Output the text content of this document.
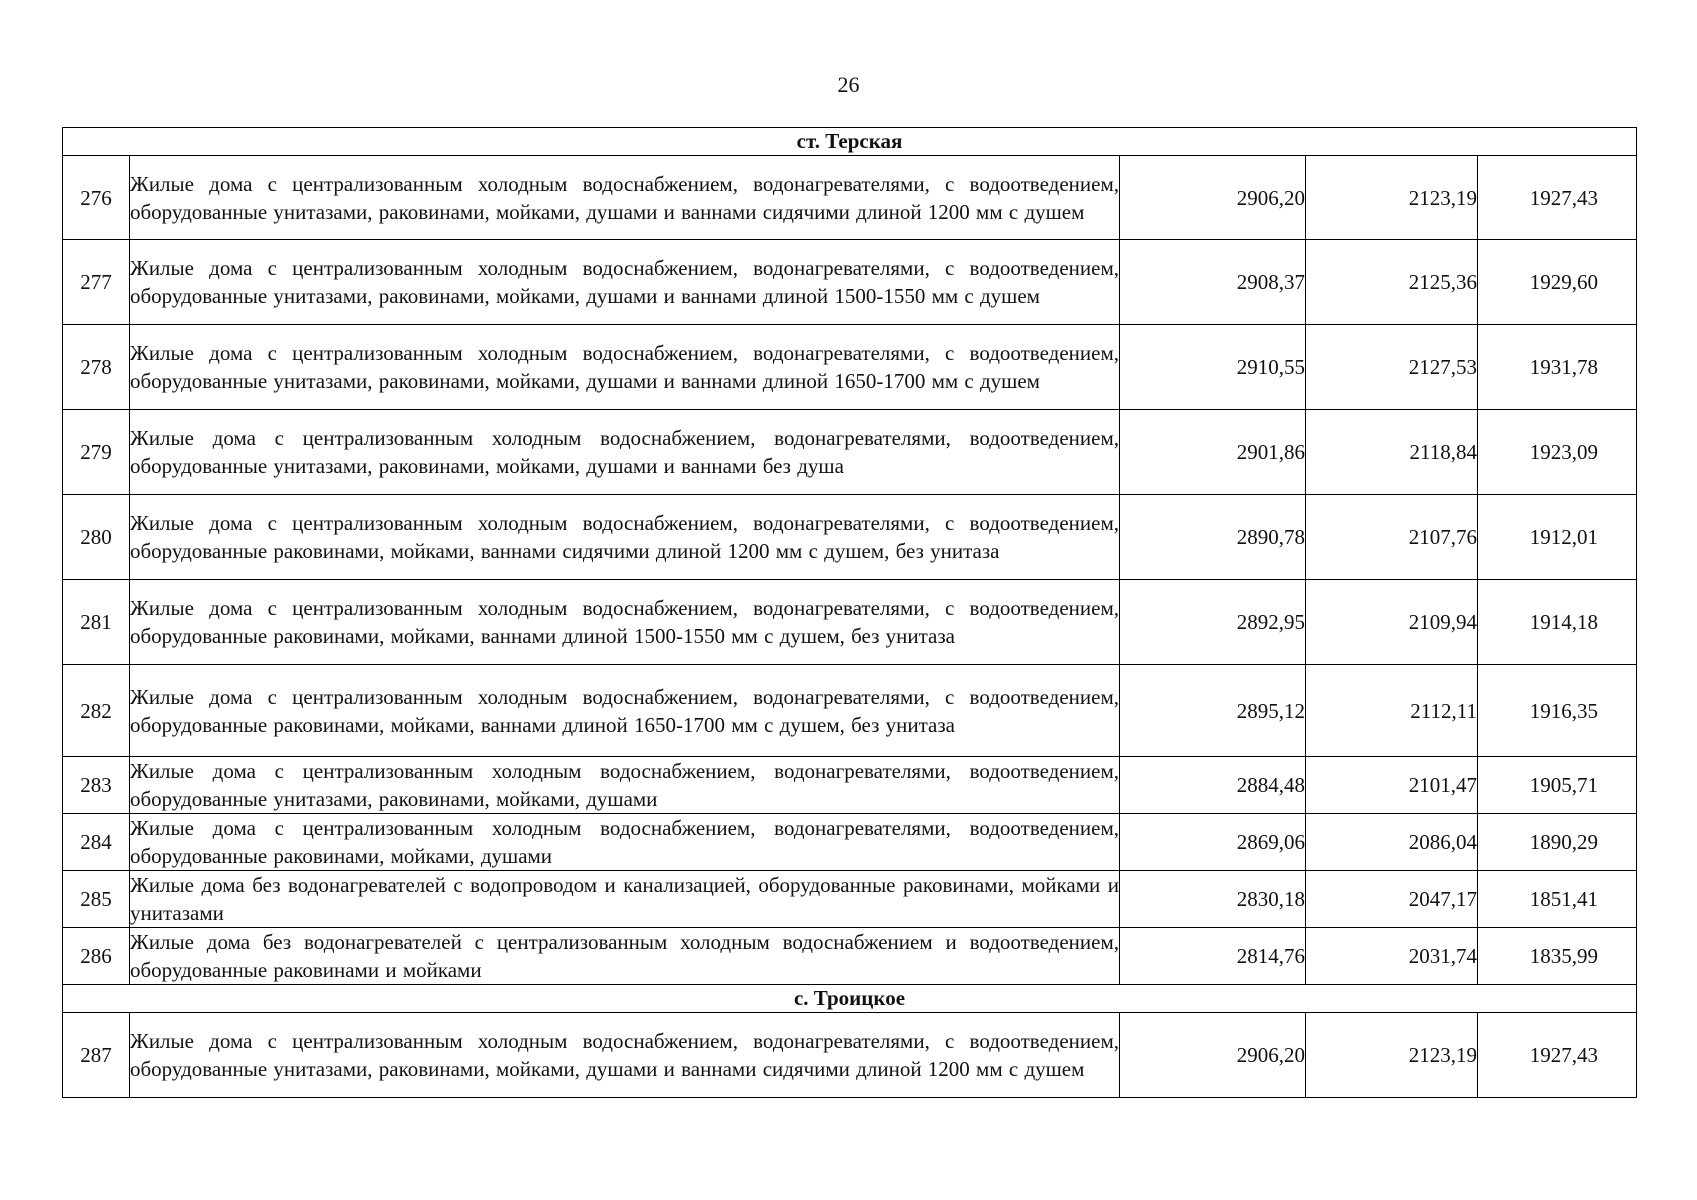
26
ст. Терская				
276	Жилые дома с централизованным холодным водоснабжением, водонагревателями, с водоотведением, оборудованные унитазами, раковинами, мойками, душами и ваннами сидячими длиной 1200 мм с душем	2906,20	2123,19	1927,43
277	Жилые дома с централизованным холодным водоснабжением, водонагревателями, с водоотведением, оборудованные унитазами, раковинами, мойками, душами и ваннами длиной 1500-1550 мм с душем	2908,37	2125,36	1929,60
278	Жилые дома с централизованным холодным водоснабжением, водонагревателями, с водоотведением, оборудованные унитазами, раковинами, мойками, душами и ваннами длиной 1650-1700 мм с душем	2910,55	2127,53	1931,78
279	Жилые дома с централизованным холодным водоснабжением, водонагревателями, водоотведением, оборудованные унитазами, раковинами, мойками, душами и ваннами без душа	2901,86	2118,84	1923,09
280	Жилые дома с централизованным холодным водоснабжением, водонагревателями, с водоотведением, оборудованные раковинами, мойками, ваннами сидячими длиной 1200 мм с душем, без унитаза	2890,78	2107,76	1912,01
281	Жилые дома с централизованным холодным водоснабжением, водонагревателями, с водоотведением, оборудованные раковинами, мойками, ваннами длиной 1500-1550 мм с душем, без унитаза	2892,95	2109,94	1914,18
282	Жилые дома с централизованным холодным водоснабжением, водонагревателями, с водоотведением, оборудованные раковинами, мойками, ваннами длиной 1650-1700 мм с душем, без унитаза	2895,12	2112,11	1916,35
283	Жилые дома с централизованным холодным водоснабжением, водонагревателями, водоотведением, оборудованные унитазами, раковинами, мойками, душами	2884,48	2101,47	1905,71
284	Жилые дома с централизованным холодным водоснабжением, водонагревателями, водоотведением, оборудованные раковинами, мойками, душами	2869,06	2086,04	1890,29
285	Жилые дома без водонагревателей с водопроводом и канализацией, оборудованные раковинами, мойками и унитазами	2830,18	2047,17	1851,41
286	Жилые дома без водонагревателей с централизованным холодным водоснабжением и водоотведением, оборудованные раковинами и мойками	2814,76	2031,74	1835,99
с. Троицкое				
287	Жилые дома с централизованным холодным водоснабжением, водонагревателями, с водоотведением, оборудованные унитазами, раковинами, мойками, душами и ваннами сидячими длиной 1200 мм с душем	2906,20	2123,19	1927,43
